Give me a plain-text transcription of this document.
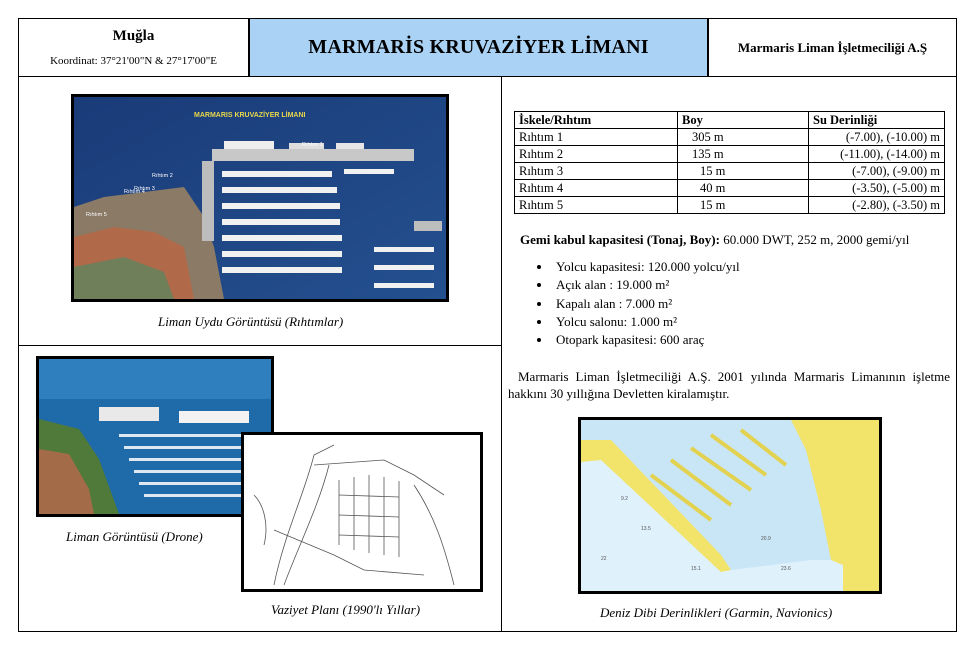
Muğla
Koordinat: 37°21'00"N & 27°17'00"E
MARMARİS KRUVAZİYER LİMANI	Marmaris Liman İşletmeciliği A.Ş
MARMARIS KRUVAZİYER LİMANI
Rıhtım 1
Rıhtım 2
Rıhtım 3
Rıhtım 4
Rıhtım 5
Liman Uydu Görüntüsü (Rıhtımlar)
Liman Görüntüsü (Drone)
Vaziyet Planı (1990'lı Yıllar)
İskele/Rıhtım	Boy	Su Derinliği
Rıhtım 1	305 m	(-7.00), (-10.00) m
Rıhtım 2	135 m	(-11.00), (-14.00) m
Rıhtım 3	15 m	(-7.00), (-9.00) m
Rıhtım 4	40 m	(-3.50), (-5.00) m
Rıhtım 5	15 m	(-2.80), (-3.50) m
Gemi kabul kapasitesi (Tonaj, Boy): 60.000 DWT, 252 m, 2000 gemi/yıl
• Yolcu kapasitesi: 120.000 yolcu/yıl
• Açık alan : 19.000 m²
• Kapalı alan : 7.000 m²
• Yolcu salonu: 1.000 m²
• Otopark kapasitesi: 600 araç
Marmaris Liman İşletmeciliği A.Ş. 2001 yılında Marmaris Limanının işletme hakkını 30 yıllığına Devletten kiralamıştır.
13.5
15.1
9.2
20.9
22
23.6
Deniz Dibi Derinlikleri (Garmin, Navionics)
